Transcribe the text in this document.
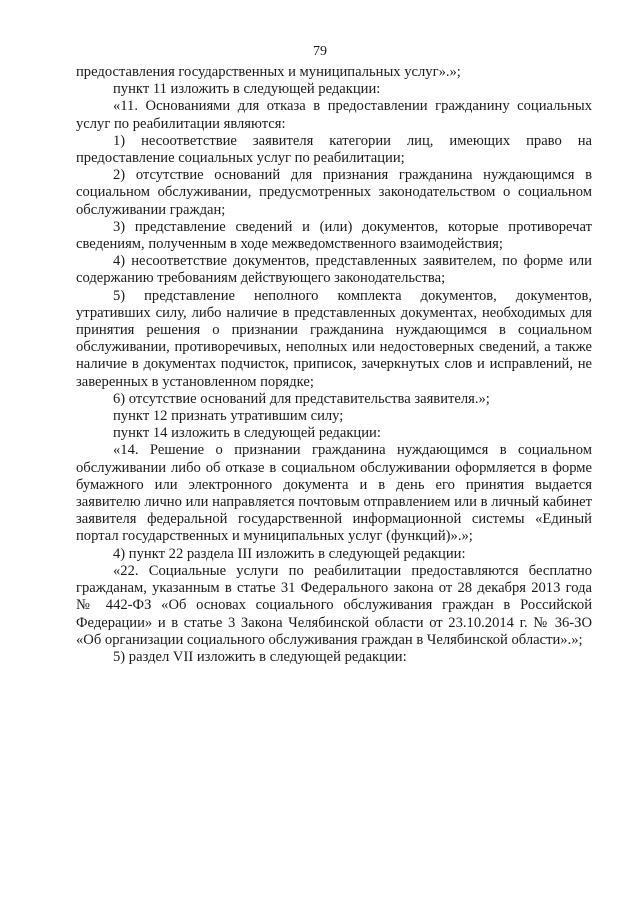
79

предоставления государственных и муниципальных услуг».»;

пункт 11 изложить в следующей редакции:

«11. Основаниями для отказа в предоставлении гражданину социальных услуг по реабилитации являются:

1) несоответствие заявителя категории лиц, имеющих право на предоставление социальных услуг по реабилитации;

2) отсутствие оснований для признания гражданина нуждающимся в социальном обслуживании, предусмотренных законодательством о социальном обслуживании граждан;

3) представление сведений и (или) документов, которые противоречат сведениям, полученным в ходе межведомственного взаимодействия;

4) несоответствие документов, представленных заявителем, по форме или содержанию требованиям действующего законодательства;

5) представление неполного комплекта документов, документов, утративших силу, либо наличие в представленных документах, необходимых для принятия решения о признании гражданина нуждающимся в социальном обслуживании, противоречивых, неполных или недостоверных сведений, а также наличие в документах подчисток, приписок, зачеркнутых слов и исправлений, не заверенных в установленном порядке;

6) отсутствие оснований для представительства заявителя.»;

пункт 12 признать утратившим силу;

пункт 14 изложить в следующей редакции:

«14. Решение о признании гражданина нуждающимся в социальном обслуживании либо об отказе в социальном обслуживании оформляется в форме бумажного или электронного документа и в день его принятия выдается заявителю лично или направляется почтовым отправлением или в личный кабинет заявителя федеральной государственной информационной системы «Единый портал государственных и муниципальных услуг (функций)».»;

4) пункт 22 раздела III изложить в следующей редакции:

«22. Социальные услуги по реабилитации предоставляются бесплатно гражданам, указанным в статье 31 Федерального закона от 28 декабря 2013 года № 442-ФЗ «Об основах социального обслуживания граждан в Российской Федерации» и в статье 3 Закона Челябинской области от 23.10.2014 г. № 36-ЗО «Об организации социального обслуживания граждан в Челябинской области».»;

5) раздел VII изложить в следующей редакции:
